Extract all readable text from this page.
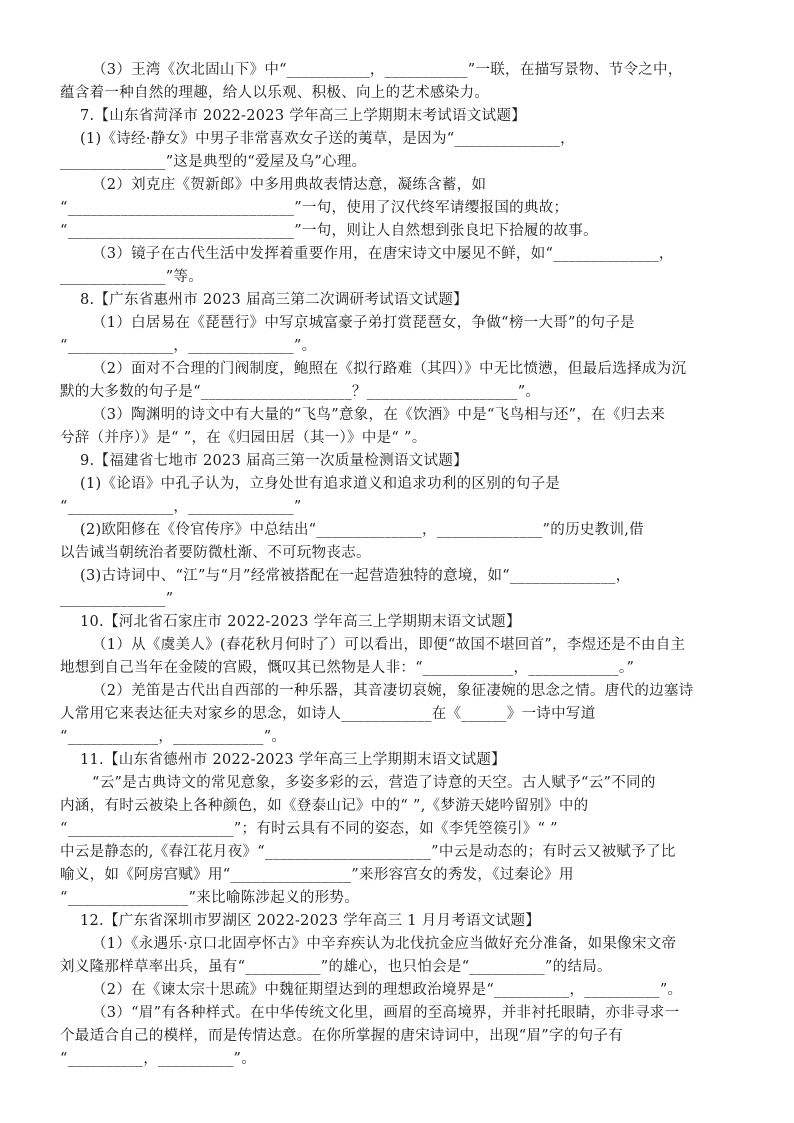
（3）王湾《次北固山下》中“___________，___________”一联，在描写景物、节令之中，
蕴含着一种自然的理趣，给人以乐观、积极、向上的艺术感染力。
7.【山东省菏泽市 2022-2023 学年高三上学期期末考试语文试题】
(1)《诗经·静女》中男子非常喜欢女子送的荑草，是因为“______________，
______________”这是典型的“爱屋及乌”心理。
（2）刘克庄《贺新郎》中多用典故表情达意，凝练含蓄，如
“______________________________”一句，使用了汉代终军请缨报国的典故；
“______________________________”一句，则让人自然想到张良圯下拾履的故事。
（3）镜子在古代生活中发挥着重要作用，在唐宋诗文中屡见不鲜，如“______________，
______________”等。
8.【广东省惠州市 2023 届高三第二次调研考试语文试题】
（1）白居易在《琵琶行》中写京城富豪子弟打赏琵琶女，争做“榜一大哥”的句子是
“______________，______________”。
（2）面对不合理的门阀制度，鲍照在《拟行路难（其四）》中无比愤懑，但最后选择成为沉
默的大多数的句子是“____________________？____________________”。
（3）陶渊明的诗文中有大量的“飞鸟”意象，在《饮酒》中是“飞鸟相与还”，在《归去来
兮辞（并序）》是“ ”，在《归园田居（其一）》中是“ ”。
9.【福建省七地市 2023 届高三第一次质量检测语文试题】
(1)《论语》中孔子认为，立身处世有追求道义和追求功利的区别的句子是
“______________，______________”
(2)欧阳修在《伶官传序》中总结出“______________，______________”的历史教训,借
以告诫当朝统治者要防微杜渐、不可玩物丧志。
(3)古诗词中、“江”与“月”经常被搭配在一起营造独特的意境，如“______________，
______________”
10.【河北省石家庄市 2022-2023 学年高三上学期期末语文试题】
（1）从《虞美人》(春花秋月何时了）可以看出，即便“故国不堪回首”，李煜还是不由自主
地想到自己当年在金陵的宫殿，慨叹其已然物是人非：“____________，____________。”
（2）羌笛是古代出自西部的一种乐器，其音凄切哀婉，象征凄婉的思念之情。唐代的边塞诗
人常用它来表达征夫对家乡的思念，如诗人____________在《______》一诗中写道
“____________，____________”。
11.【山东省德州市 2022-2023 学年高三上学期期末语文试题】
“云”是古典诗文的常见意象，多姿多彩的云，营造了诗意的天空。古人赋予“云”不同的
内涵，有时云被染上各种颜色，如《登泰山记》中的“ ”,《梦游天姥吟留别》中的
“______________________”；有时云具有不同的姿态，如《李凭箜篌引》“ ”
中云是静态的,《春江花月夜》“______________________”中云是动态的；有时云又被赋予了比
喻义，如《阿房宫赋》用“________________”来形容宫女的秀发，《过秦论》用
“________________”来比喻陈涉起义的形势。
12.【广东省深圳市罗湖区 2022-2023 学年高三 1 月月考语文试题】
（1）《永遇乐·京口北固亭怀古》中辛弃疾认为北伐抗金应当做好充分准备，如果像宋文帝
刘义隆那样草率出兵，虽有“__________”的雄心，也只怕会是“__________”的结局。
（2）在《谏太宗十思疏》中魏征期望达到的理想政治境界是“__________，__________”。
（3）“眉”有各种样式。在中华传统文化里，画眉的至高境界，并非衬托眼睛，亦非寻求一
个最适合自己的模样，而是传情达意。在你所掌握的唐宋诗词中，出现“眉”字的句子有
“__________，__________”。
